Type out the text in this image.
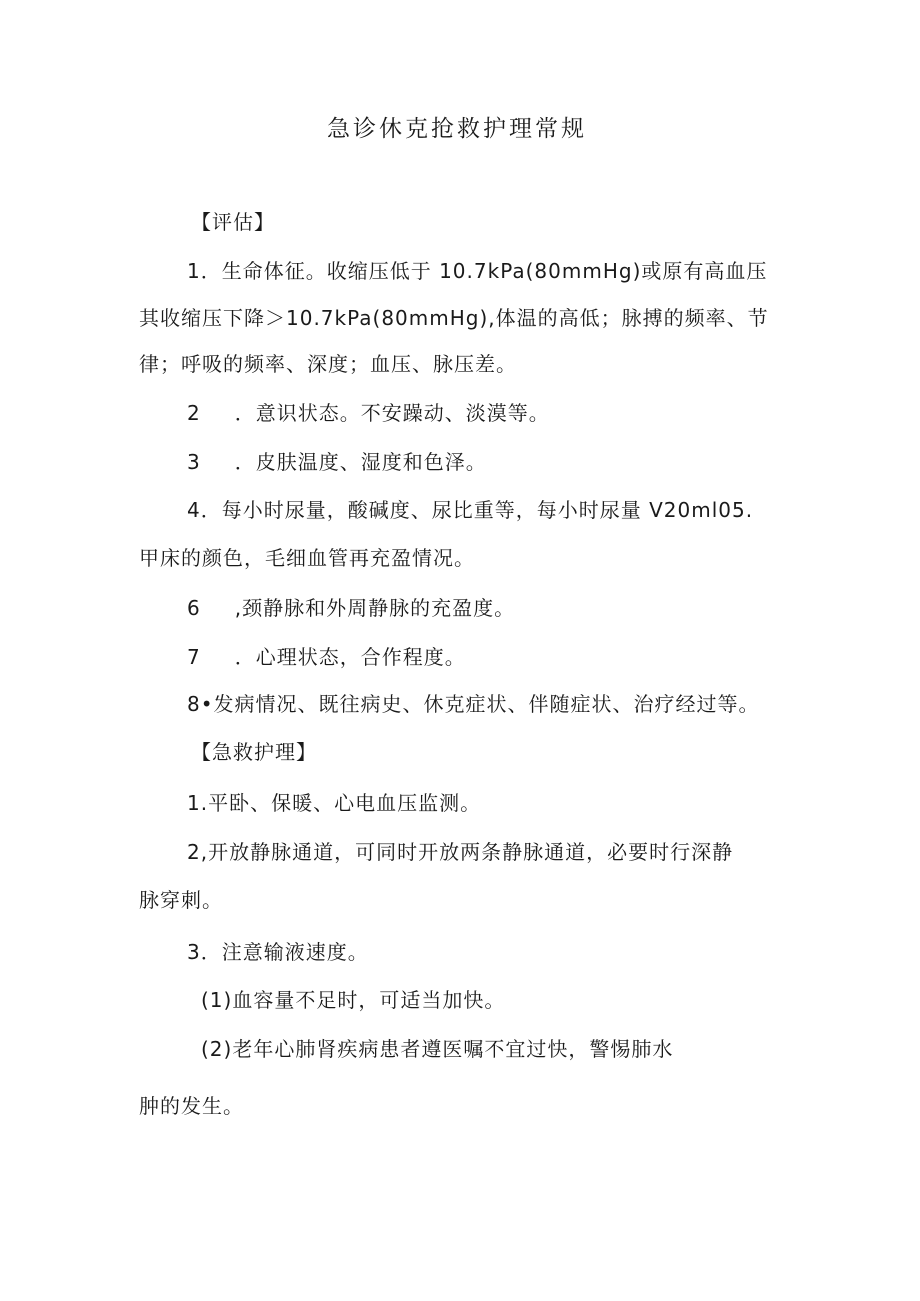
急诊休克抢救护理常规
【评估】
1．生命体征。收缩压低于 10.7kPa(80mmHg)或原有高血压
其收缩压下降＞10.7kPa(80mmHg),体温的高低；脉搏的频率、节
律；呼吸的频率、深度；血压、脉压差。
2 ．意识状态。不安躁动、淡漠等。
3 ．皮肤温度、湿度和色泽。
4．每小时尿量，酸碱度、尿比重等，每小时尿量 V20ml05.
甲床的颜色，毛细血管再充盈情况。
6 ,颈静脉和外周静脉的充盈度。
7 ．心理状态，合作程度。
8•发病情况、既往病史、休克症状、伴随症状、治疗经过等。
【急救护理】
1.平卧、保暖、心电血压监测。
2,开放静脉通道，可同时开放两条静脉通道，必要时行深静
脉穿刺。
3．注意输液速度。
(1)血容量不足时，可适当加快。
(2)老年心肺肾疾病患者遵医嘱不宜过快，警惕肺水
肿的发生。
